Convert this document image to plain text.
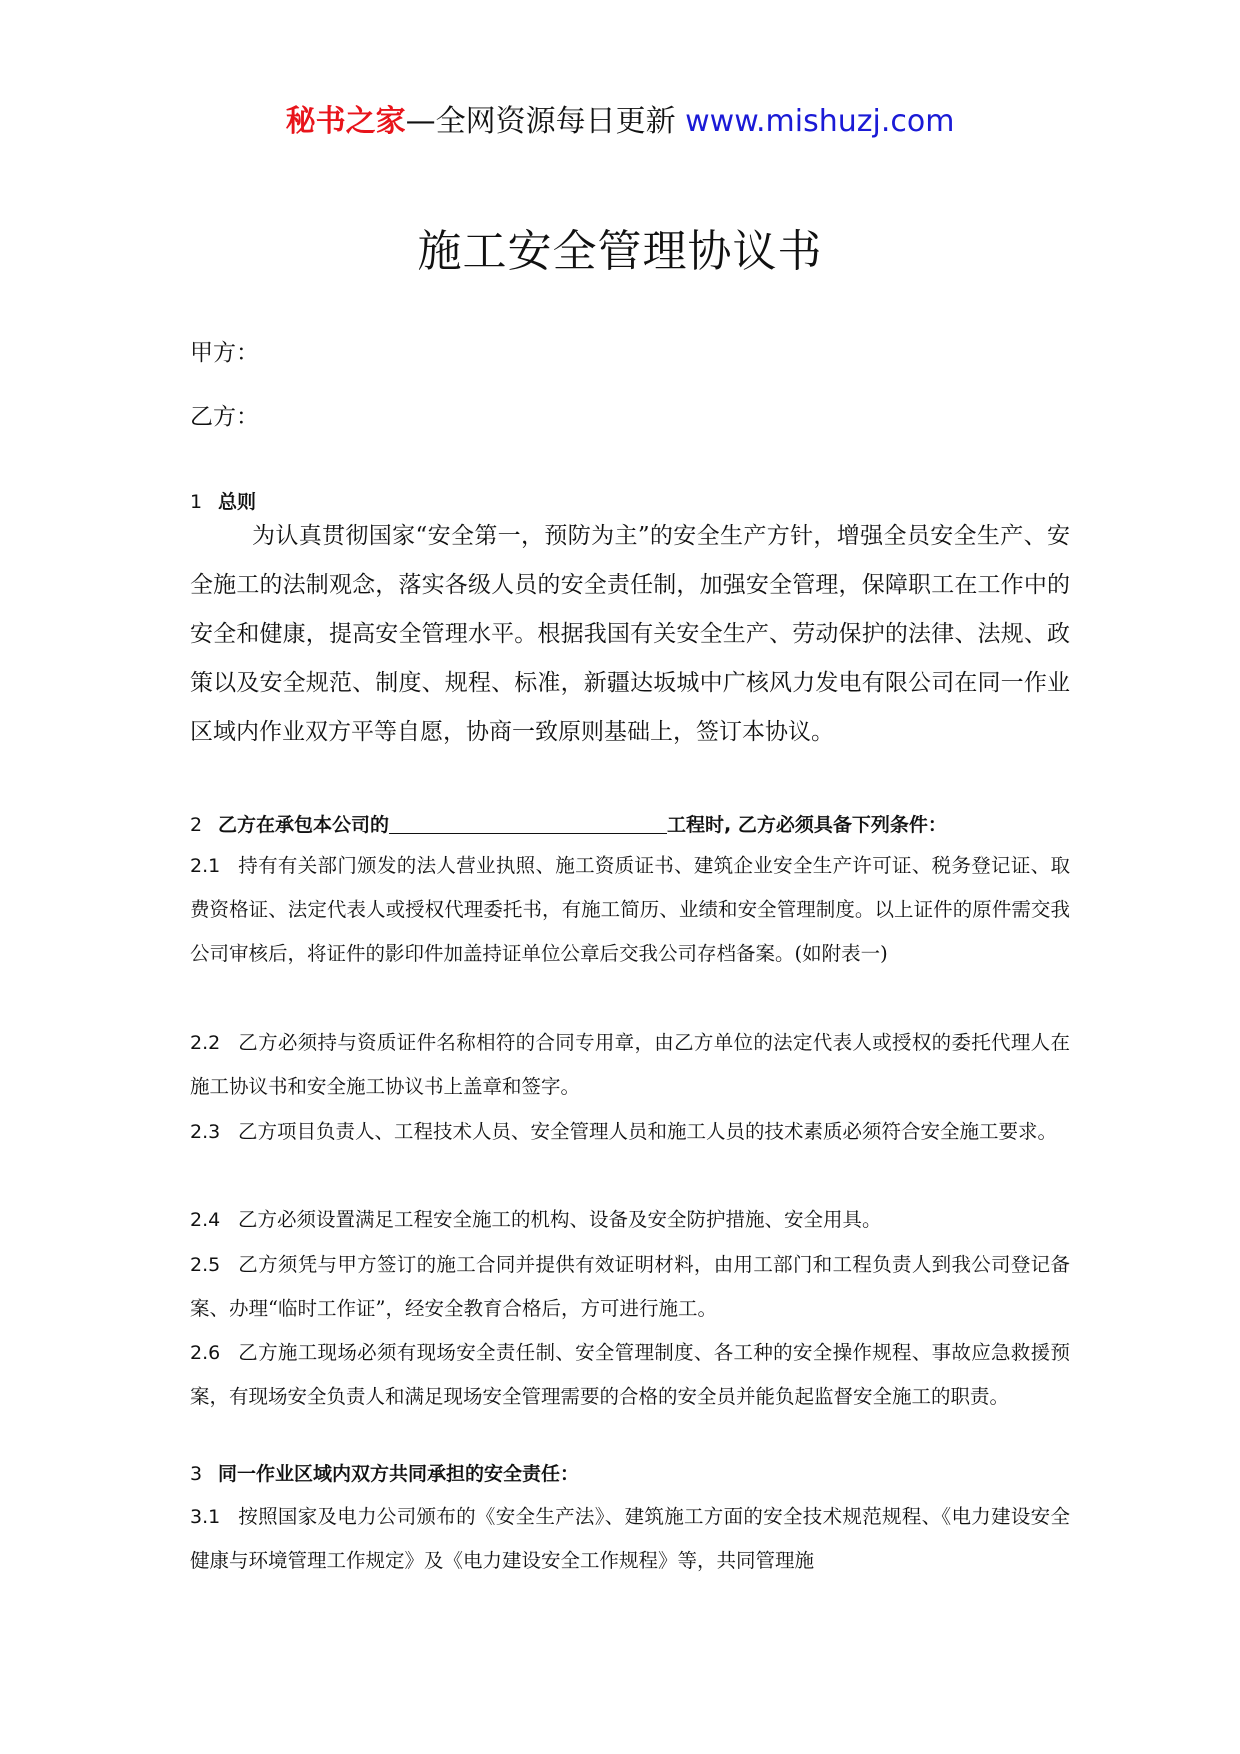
秘书之家—全网资源每日更新 www.mishuzj.com
施工安全管理协议书

甲方：

乙方：

1 总则

为认真贯彻国家“安全第一，预防为主”的安全生产方针，增强全员安全生产、安全施工的法制观念，落实各级人员的安全责任制，加强安全管理，保障职工在工作中的安全和健康，提高安全管理水平。根据我国有关安全生产、劳动保护的法律、法规、政策以及安全规范、制度、规程、标准，新疆达坂城中广核风力发电有限公司在同一作业区域内作业双方平等自愿，协商一致原则基础上，签订本协议。

2 乙方在承包本公司的	工程时, 乙方必须具备下列条件：

2.1 持有有关部门颁发的法人营业执照、施工资质证书、建筑企业安全生产许可证、税务登记证、取费资格证、法定代表人或授权代理委托书，有施工简历、业绩和安全管理制度。以上证件的原件需交我公司审核后，将证件的影印件加盖持证单位公章后交我公司存档备案。(如附表一)

2.2 乙方必须持与资质证件名称相符的合同专用章，由乙方单位的法定代表人或授权的委托代理人在施工协议书和安全施工协议书上盖章和签字。

2.3 乙方项目负责人、工程技术人员、安全管理人员和施工人员的技术素质必须符合安全施工要求。

2.4 乙方必须设置满足工程安全施工的机构、设备及安全防护措施、安全用具。

2.5 乙方须凭与甲方签订的施工合同并提供有效证明材料，由用工部门和工程负责人到我公司登记备案、办理“临时工作证”，经安全教育合格后，方可进行施工。

2.6 乙方施工现场必须有现场安全责任制、安全管理制度、各工种的安全操作规程、事故应急救援预案，有现场安全负责人和满足现场安全管理需要的合格的安全员并能负起监督安全施工的职责。

3 同一作业区域内双方共同承担的安全责任：

3.1 按照国家及电力公司颁布的《安全生产法》、建筑施工方面的安全技术规范规程、《电力建设安全健康与环境管理工作规定》及《电力建设安全工作规程》等，共同管理施
